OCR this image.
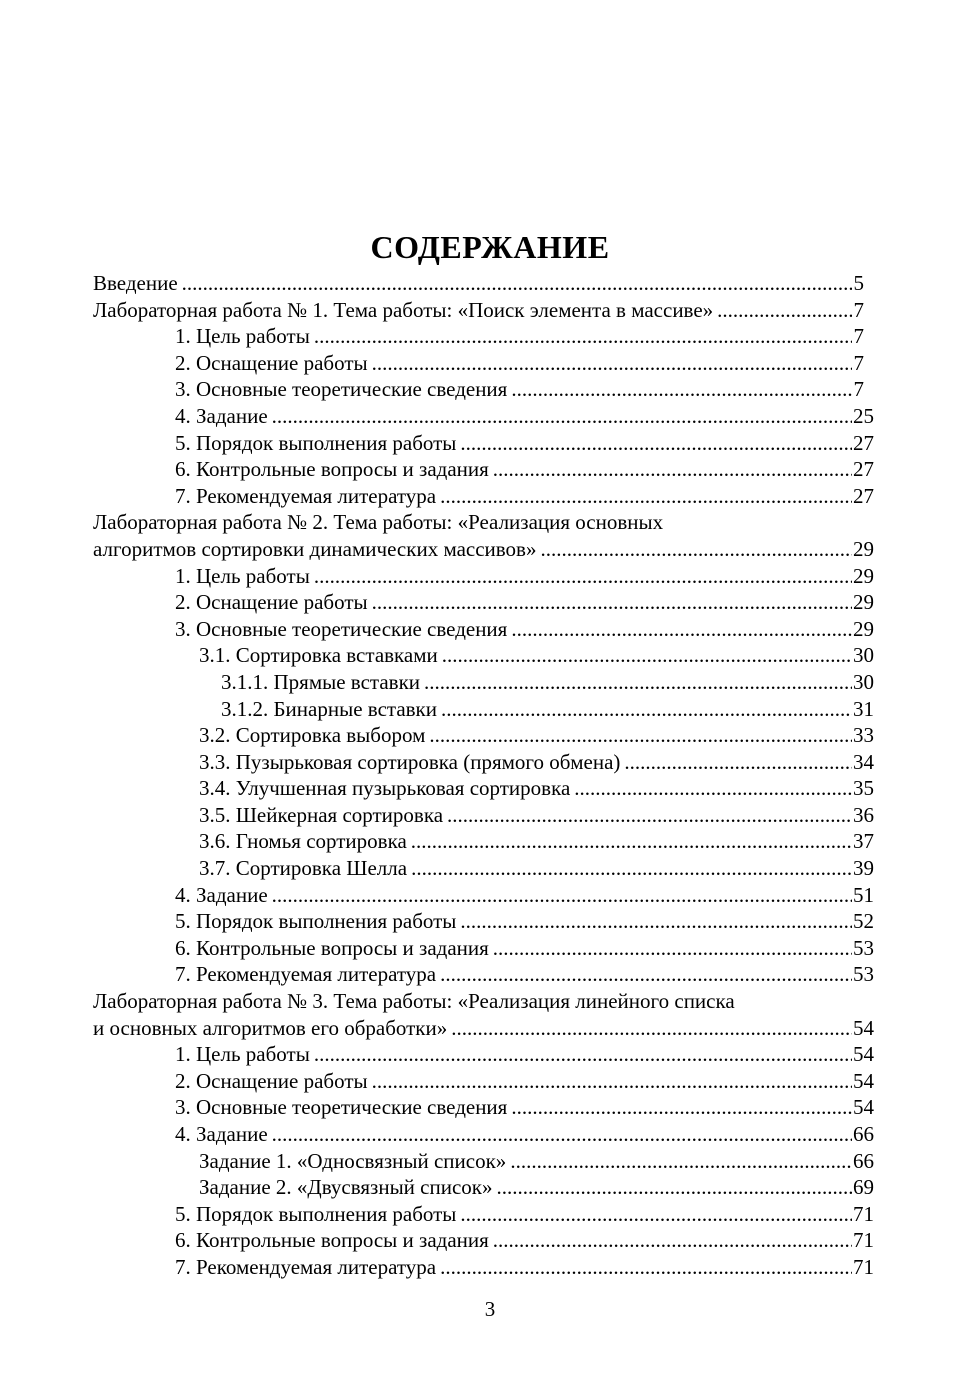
СОДЕРЖАНИЕ
Введение .....	5
Лабораторная работа № 1. Тема работы: «Поиск элемента в массиве» .....	7
1. Цель работы .....	7
2. Оснащение работы .....	7
3. Основные теоретические сведения .....	7
4. Задание .....	25
5. Порядок выполнения работы .....	27
6. Контрольные вопросы и задания .....	27
7. Рекомендуемая литература .....	27
Лабораторная работа № 2. Тема работы: «Реализация основных
алгоритмов сортировки динамических массивов» .....	29
1. Цель работы .....	29
2. Оснащение работы .....	29
3. Основные теоретические сведения .....	29
3.1. Сортировка вставками .....	30
3.1.1. Прямые вставки .....	30
3.1.2. Бинарные вставки .....	31
3.2. Сортировка выбором .....	33
3.3. Пузырьковая сортировка (прямого обмена) .....	34
3.4. Улучшенная пузырьковая сортировка .....	35
3.5. Шейкерная сортировка .....	36
3.6. Гномья сортировка .....	37
3.7. Сортировка Шелла .....	39
4. Задание .....	51
5. Порядок выполнения работы .....	52
6. Контрольные вопросы и задания .....	53
7. Рекомендуемая литература .....	53
Лабораторная работа № 3. Тема работы: «Реализация линейного списка
и основных алгоритмов его обработки» .....	54
1. Цель работы .....	54
2. Оснащение работы .....	54
3. Основные теоретические сведения .....	54
4. Задание .....	66
Задание 1. «Односвязный список» .....	66
Задание 2. «Двусвязный список» .....	69
5. Порядок выполнения работы .....	71
6. Контрольные вопросы и задания .....	71
7. Рекомендуемая литература .....	71
3
